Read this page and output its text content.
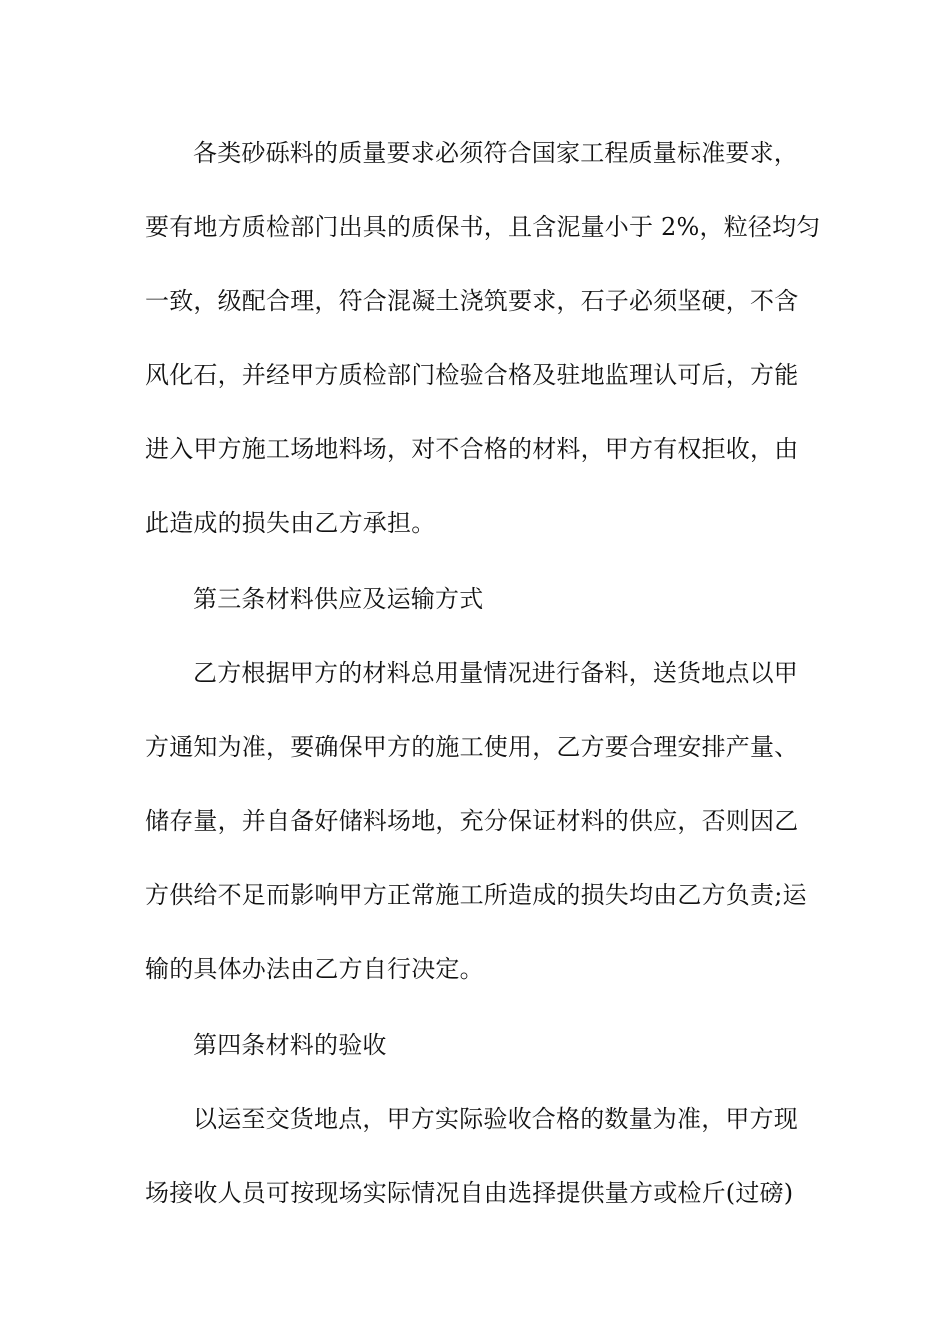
各类砂砾料的质量要求必须符合国家工程质量标准要求，
要有地方质检部门出具的质保书，且含泥量小于 2%，粒径均匀
一致，级配合理，符合混凝土浇筑要求，石子必须坚硬，不含
风化石，并经甲方质检部门检验合格及驻地监理认可后，方能
进入甲方施工场地料场，对不合格的材料，甲方有权拒收，由
此造成的损失由乙方承担。
第三条材料供应及运输方式
乙方根据甲方的材料总用量情况进行备料，送货地点以甲
方通知为准，要确保甲方的施工使用，乙方要合理安排产量、
储存量，并自备好储料场地，充分保证材料的供应，否则因乙
方供给不足而影响甲方正常施工所造成的损失均由乙方负责;运
输的具体办法由乙方自行决定。
第四条材料的验收
以运至交货地点，甲方实际验收合格的数量为准，甲方现
场接收人员可按现场实际情况自由选择提供量方或检斤(过磅)
